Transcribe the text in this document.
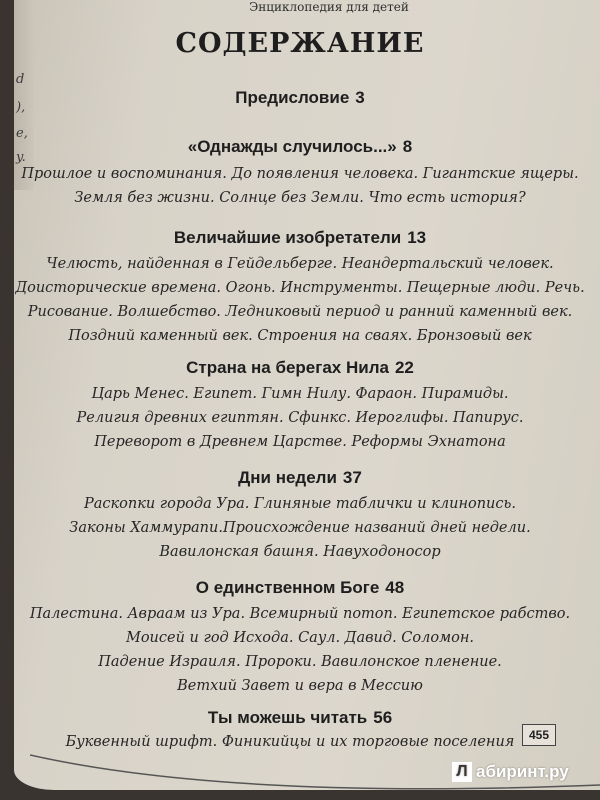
d
),
e,
y.
Энциклопедия для детей
СОДЕРЖАНИЕ
Предисловие 3
«Однажды случилось...» 8
Прошлое и воспоминания. До появления человека. Гигантские ящеры.
Земля без жизни. Солнце без Земли. Что есть история?
Величайшие изобретатели 13
Челюсть, найденная в Гейдельберге. Неандертальский человек.
Доисторические времена. Огонь. Инструменты. Пещерные люди. Речь.
Рисование. Волшебство. Ледниковый период и ранний каменный век.
Поздний каменный век. Строения на сваях. Бронзовый век
Страна на берегах Нила 22
Царь Менес. Египет. Гимн Нилу. Фараон. Пирамиды.
Религия древних египтян. Сфинкс. Иероглифы. Папирус.
Переворот в Древнем Царстве. Реформы Эхнатона
Дни недели 37
Раскопки города Ура. Глиняные таблички и клинопись.
Законы Хаммурапи.Происхождение названий дней недели.
Вавилонская башня. Навуходоносор
О единственном Боге 48
Палестина. Авраам из Ура. Всемирный потоп. Египетское рабство.
Моисей и год Исхода. Саул. Давид. Соломон.
Падение Израиля. Пророки. Вавилонское пленение.
Ветхий Завет и вера в Мессию
Ты можешь читать 56
Буквенный шрифт. Финикийцы и их торговые поселения	455
Л абиринт.ру
